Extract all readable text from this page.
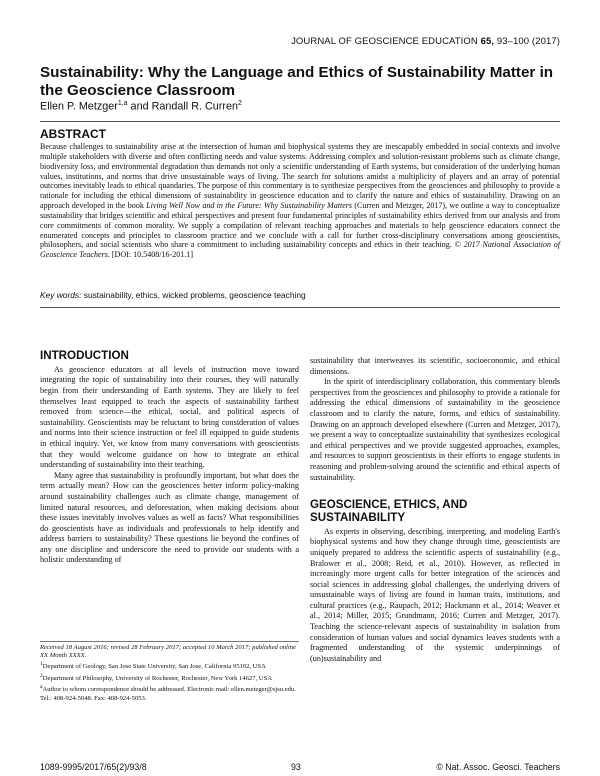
JOURNAL OF GEOSCIENCE EDUCATION 65, 93–100 (2017)
Sustainability: Why the Language and Ethics of Sustainability Matter in the Geoscience Classroom
Ellen P. Metzger$^{1,a}$ and Randall R. Curren$^2$
ABSTRACT

Because challenges to sustainability arise at the intersection of human and biophysical systems they are inescapably embedded in social contexts and involve multiple stakeholders with diverse and often conflicting needs and value systems. Addressing complex and solution-resistant problems such as climate change, biodiversity loss, and environmental degradation thus demands not only a scientific understanding of Earth systems, but consideration of the underlying human values, institutions, and norms that drive unsustainable ways of living. The search for solutions amidst a multiplicity of players and an array of potential outcomes inevitably leads to ethical quandaries. The purpose of this commentary is to synthesize perspectives from the geosciences and philosophy to provide a rationale for including the ethical dimensions of sustainability in geoscience education and to clarify the nature and ethics of sustainability. Drawing on an approach developed in the book Living Well Now and in the Future: Why Sustainability Matters (Curren and Metzger, 2017), we outline a way to conceptualize sustainability that bridges scientific and ethical perspectives and present four fundamental principles of sustainability ethics derived from our analysis and from core commitments of common morality. We supply a compilation of relevant teaching approaches and materials to help geoscience educators connect the enumerated concepts and principles to classroom practice and we conclude with a call for further cross-disciplinary conversations among geoscientists, philosophers, and social scientists who share a commitment to including sustainability concepts and ethics in their teaching. © 2017 National Association of Geoscience Teachers. [DOI: 10.5408/16-201.1]

Key words: sustainability, ethics, wicked problems, geoscience teaching
INTRODUCTION

As geoscience educators at all levels of instruction move toward integrating the topic of sustainability into their courses, they will naturally begin from their understanding of Earth systems. They are likely to feel themselves least equipped to teach the aspects of sustainability farthest removed from science—the ethical, social, and political aspects of sustainability. Geoscientists may be reluctant to bring consideration of values and norms into their science instruction or feel ill equipped to guide students in ethical inquiry. Yet, we know from many conversations with geoscientists that they would welcome guidance on how to integrate an ethical understanding of sustainability into their teaching.

Many agree that sustainability is profoundly important, but what does the term actually mean? How can the geosciences better inform policy-making around sustainability challenges such as climate change, management of limited natural resources, and deforestation, when making decisions about these issues inevitably involves values as well as facts? What responsibilities do geoscientists have as individuals and professionals to help identify and address barriers to sustainability? These questions lie beyond the confines of any one discipline and underscore the need to provide our students with a holistic understanding of

sustainability that interweaves its scientific, socioeconomic, and ethical dimensions.

In the spirit of interdisciplinary collaboration, this commentary blends perspectives from the geosciences and philosophy to provide a rationale for addressing the ethical dimensions of sustainability in the geoscience classroom and to clarify the nature, forms, and ethics of sustainability. Drawing on an approach developed elsewhere (Curren and Metzger, 2017), we present a way to conceptualize sustainability that synthesizes ecological and ethical perspectives and we provide suggested approaches, examples, and resources to support geoscientists in their efforts to engage students in reasoning and problem-solving around the scientific and ethical aspects of sustainability.

GEOSCIENCE, ETHICS, AND
SUSTAINABILITY

As experts in observing, describing, interpreting, and modeling Earth's biophysical systems and how they change through time, geoscientists are uniquely prepared to address the scientific aspects of sustainability (e.g., Bralower et al., 2008; Reid, et al., 2010). However, as reflected in increasingly more urgent calls for better integration of the sciences and social sciences in addressing global challenges, the underlying drivers of unsustainable ways of living are found in human traits, institutions, and cultural practices (e.g., Raupach, 2012; Hackmann et al., 2014; Weaver et al., 2014; Miller, 2015; Grundmann, 2016; Curren and Metzger, 2017). Teaching the science-relevant aspects of sustainability in isolation from consideration of human values and social dynamics leaves students with a fragmented understanding of the systemic underpinnings of (un)sustainability and

Received 18 August 2016; revised 28 February 2017; accepted 10 March 2017; published online XX Month XXXX.

$^1$Department of Geology, San Jose State University, San Jose, California 95192, USA

$^2$Department of Philosophy, University of Rochester, Rochester, New York 14627, USA

$^a$Author to whom correspondence should be addressed. Electronic mail: ellen.metzger@sjsu.edu. Tel.: 408-924-5048. Fax: 408-924-5053.

1089-9995/2017/65(2)/93/8	93	© Nat. Assoc. Geosci. Teachers
